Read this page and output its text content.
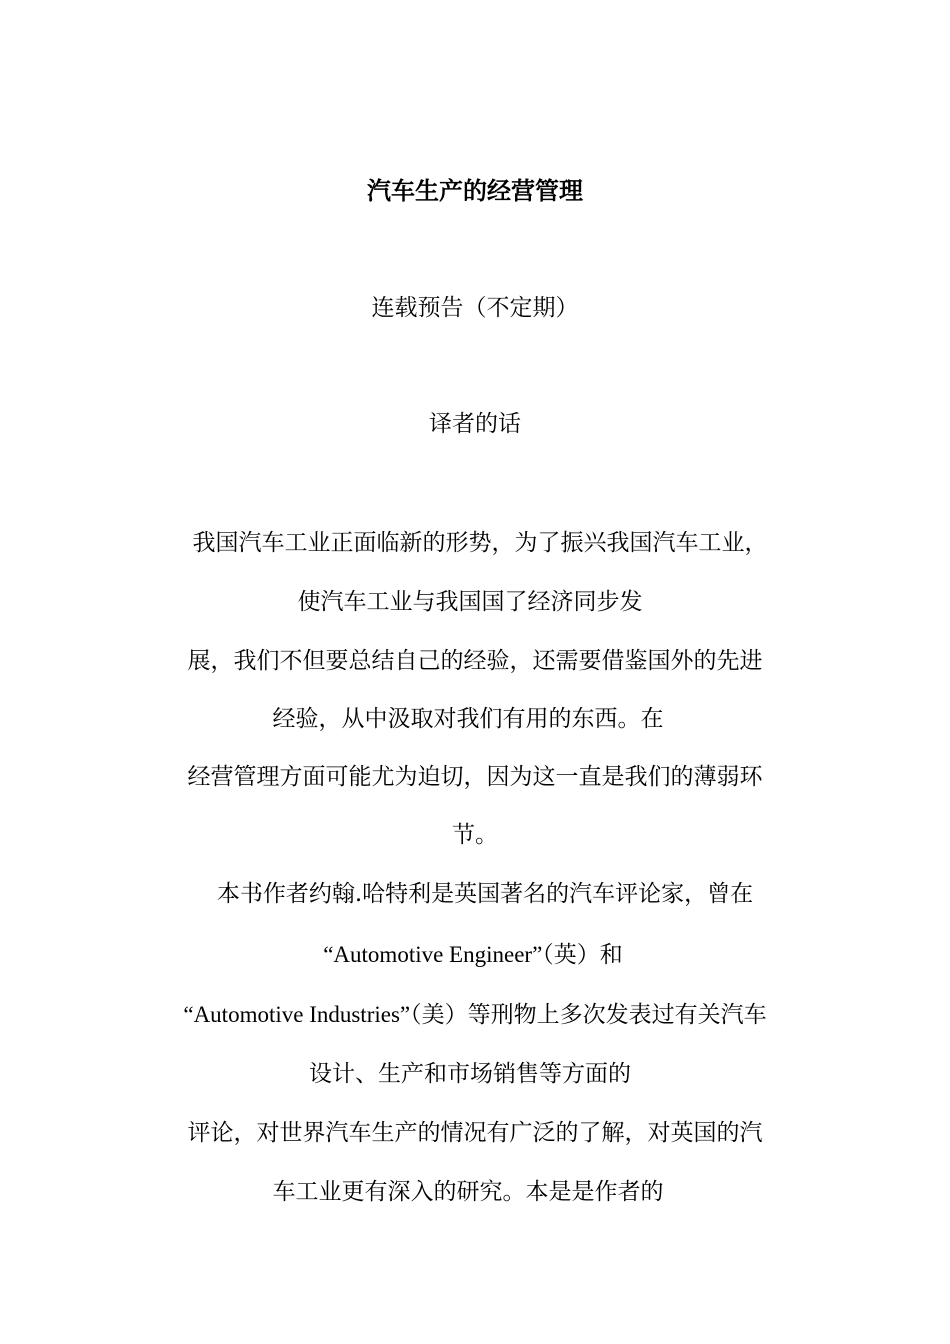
汽车生产的经营管理
连载预告（不定期）
译者的话
我国汽车工业正面临新的形势，为了振兴我国汽车工业，
使汽车工业与我国国了经济同步发
展，我们不但要总结自己的经验，还需要借鉴国外的先进
经验，从中汲取对我们有用的东西。在
经营管理方面可能尤为迫切，因为这一直是我们的薄弱环
节。
本书作者约翰.哈特利是英国著名的汽车评论家，曾在
“Automotive Engineer”（英）和
“Automotive Industries”（美）等刑物上多次发表过有关汽车
设计、生产和市场销售等方面的
评论，对世界汽车生产的情况有广泛的了解，对英国的汽
车工业更有深入的研究。本是是作者的
